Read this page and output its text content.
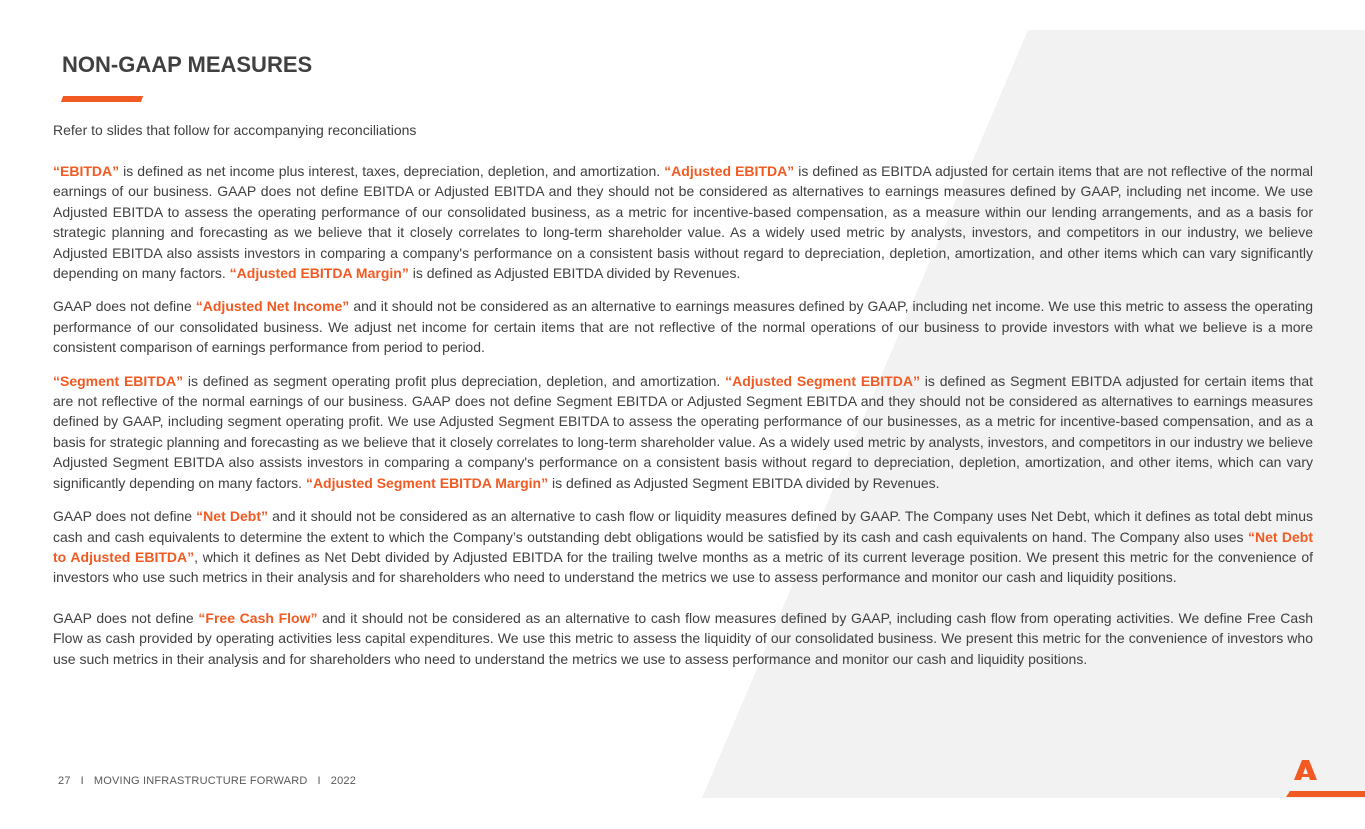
NON-GAAP MEASURES

Refer to slides that follow for accompanying reconciliations

“EBITDA” is defined as net income plus interest, taxes, depreciation, depletion, and amortization. “Adjusted EBITDA” is defined as EBITDA adjusted for certain items that are not reflective of the normal earnings of our business. GAAP does not define EBITDA or Adjusted EBITDA and they should not be considered as alternatives to earnings measures defined by GAAP, including net income. We use Adjusted EBITDA to assess the operating performance of our consolidated business, as a metric for incentive-based compensation, as a measure within our lending arrangements, and as a basis for strategic planning and forecasting as we believe that it closely correlates to long-term shareholder value. As a widely used metric by analysts, investors, and competitors in our industry, we believe Adjusted EBITDA also assists investors in comparing a company's performance on a consistent basis without regard to depreciation, depletion, amortization, and other items which can vary significantly depending on many factors. “Adjusted EBITDA Margin” is defined as Adjusted EBITDA divided by Revenues.

GAAP does not define “Adjusted Net Income” and it should not be considered as an alternative to earnings measures defined by GAAP, including net income. We use this metric to assess the operating performance of our consolidated business. We adjust net income for certain items that are not reflective of the normal operations of our business to provide investors with what we believe is a more consistent comparison of earnings performance from period to period.

“Segment EBITDA” is defined as segment operating profit plus depreciation, depletion, and amortization. “Adjusted Segment EBITDA” is defined as Segment EBITDA adjusted for certain items that are not reflective of the normal earnings of our business. GAAP does not define Segment EBITDA or Adjusted Segment EBITDA and they should not be considered as alternatives to earnings measures defined by GAAP, including segment operating profit. We use Adjusted Segment EBITDA to assess the operating performance of our businesses, as a metric for incentive-based compensation, and as a basis for strategic planning and forecasting as we believe that it closely correlates to long-term shareholder value. As a widely used metric by analysts, investors, and competitors in our industry we believe Adjusted Segment EBITDA also assists investors in comparing a company's performance on a consistent basis without regard to depreciation, depletion, amortization, and other items, which can vary significantly depending on many factors. “Adjusted Segment EBITDA Margin” is defined as Adjusted Segment EBITDA divided by Revenues.

GAAP does not define “Net Debt” and it should not be considered as an alternative to cash flow or liquidity measures defined by GAAP. The Company uses Net Debt, which it defines as total debt minus cash and cash equivalents to determine the extent to which the Company’s outstanding debt obligations would be satisfied by its cash and cash equivalents on hand. The Company also uses “Net Debt to Adjusted EBITDA”, which it defines as Net Debt divided by Adjusted EBITDA for the trailing twelve months as a metric of its current leverage position. We present this metric for the convenience of investors who use such metrics in their analysis and for shareholders who need to understand the metrics we use to assess performance and monitor our cash and liquidity positions.

GAAP does not define “Free Cash Flow” and it should not be considered as an alternative to cash flow measures defined by GAAP, including cash flow from operating activities. We define Free Cash Flow as cash provided by operating activities less capital expenditures. We use this metric to assess the liquidity of our consolidated business. We present this metric for the convenience of investors who use such metrics in their analysis and for shareholders who need to understand the metrics we use to assess performance and monitor our cash and liquidity positions.

27 I MOVING INFRASTRUCTURE FORWARD I 2022
